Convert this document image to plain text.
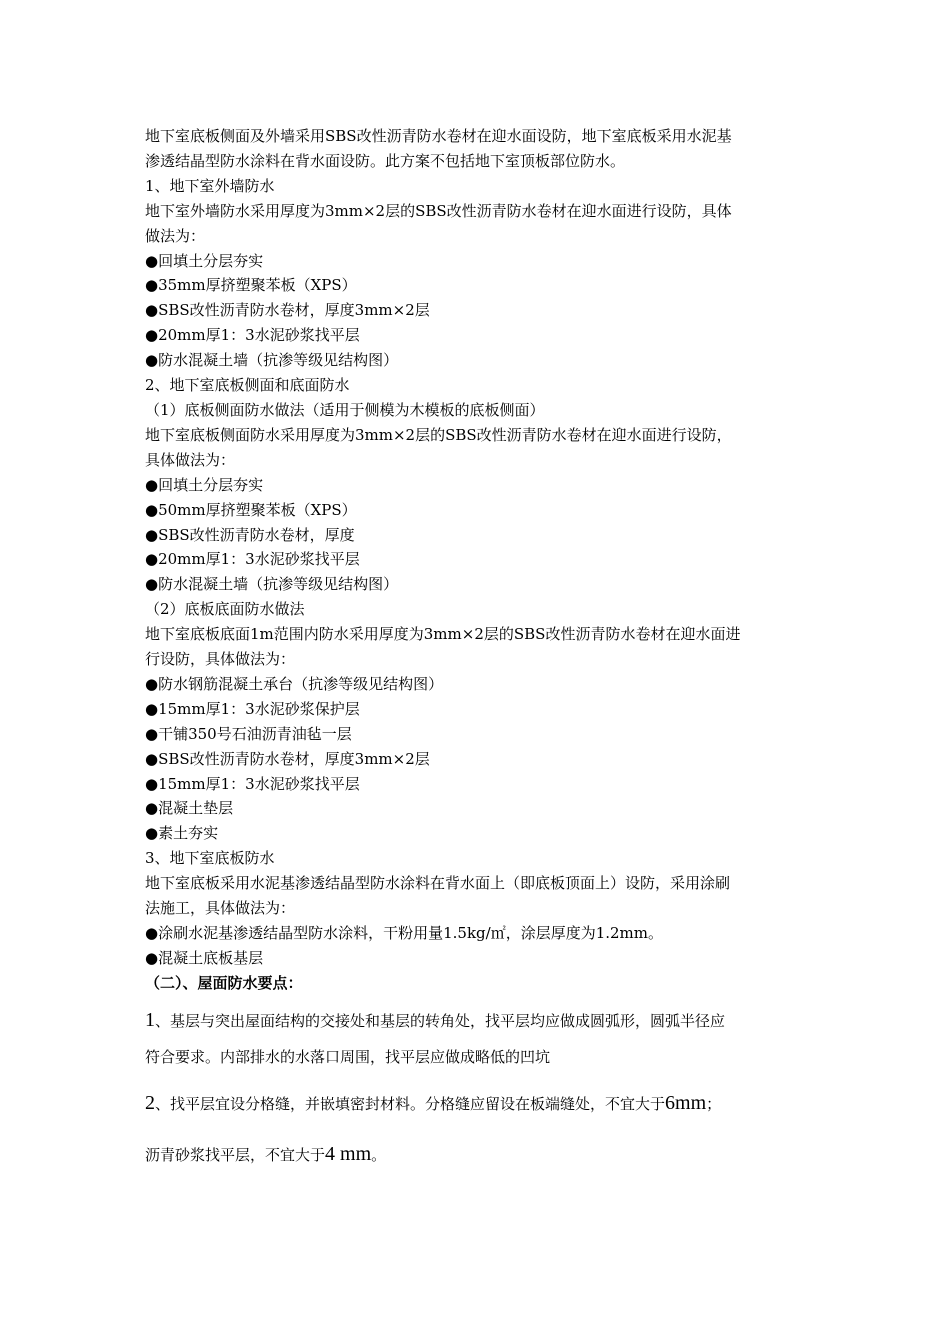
地下室底板侧面及外墙采用SBS改性沥青防水卷材在迎水面设防，地下室底板采用水泥基

渗透结晶型防水涂料在背水面设防。此方案不包括地下室顶板部位防水。

1、地下室外墙防水

地下室外墙防水采用厚度为3mm×2层的SBS改性沥青防水卷材在迎水面进行设防，具体

做法为：

●回填土分层夯实

●35mm厚挤塑聚苯板（XPS）

●SBS改性沥青防水卷材，厚度3mm×2层

●20mm厚1：3水泥砂浆找平层

●防水混凝土墙（抗渗等级见结构图）

2、地下室底板侧面和底面防水

（1）底板侧面防水做法（适用于侧模为木模板的底板侧面）

地下室底板侧面防水采用厚度为3mm×2层的SBS改性沥青防水卷材在迎水面进行设防，

具体做法为：

●回填土分层夯实

●50mm厚挤塑聚苯板（XPS）

●SBS改性沥青防水卷材，厚度

●20mm厚1：3水泥砂浆找平层

●防水混凝土墙（抗渗等级见结构图）

（2）底板底面防水做法

地下室底板底面1m范围内防水采用厚度为3mm×2层的SBS改性沥青防水卷材在迎水面进

行设防，具体做法为：

●防水钢筋混凝土承台（抗渗等级见结构图）

●15mm厚1：3水泥砂浆保护层

●干铺350号石油沥青油毡一层

●SBS改性沥青防水卷材，厚度3mm×2层

●15mm厚1：3水泥砂浆找平层

●混凝土垫层

●素土夯实

3、地下室底板防水

地下室底板采用水泥基渗透结晶型防水涂料在背水面上（即底板顶面上）设防，采用涂刷

法施工，具体做法为：

●涂刷水泥基渗透结晶型防水涂料，干粉用量1.5kg/㎡，涂层厚度为1.2mm。

●混凝土底板基层

（二）、屋面防水要点：

1、基层与突出屋面结构的交接处和基层的转角处，找平层均应做成圆弧形，圆弧半径应

符合要求。内部排水的水落口周围，找平层应做成略低的凹坑

2、找平层宜设分格缝，并嵌填密封材料。分格缝应留设在板端缝处，不宜大于6mm；

沥青砂浆找平层，不宜大于4 mm。
